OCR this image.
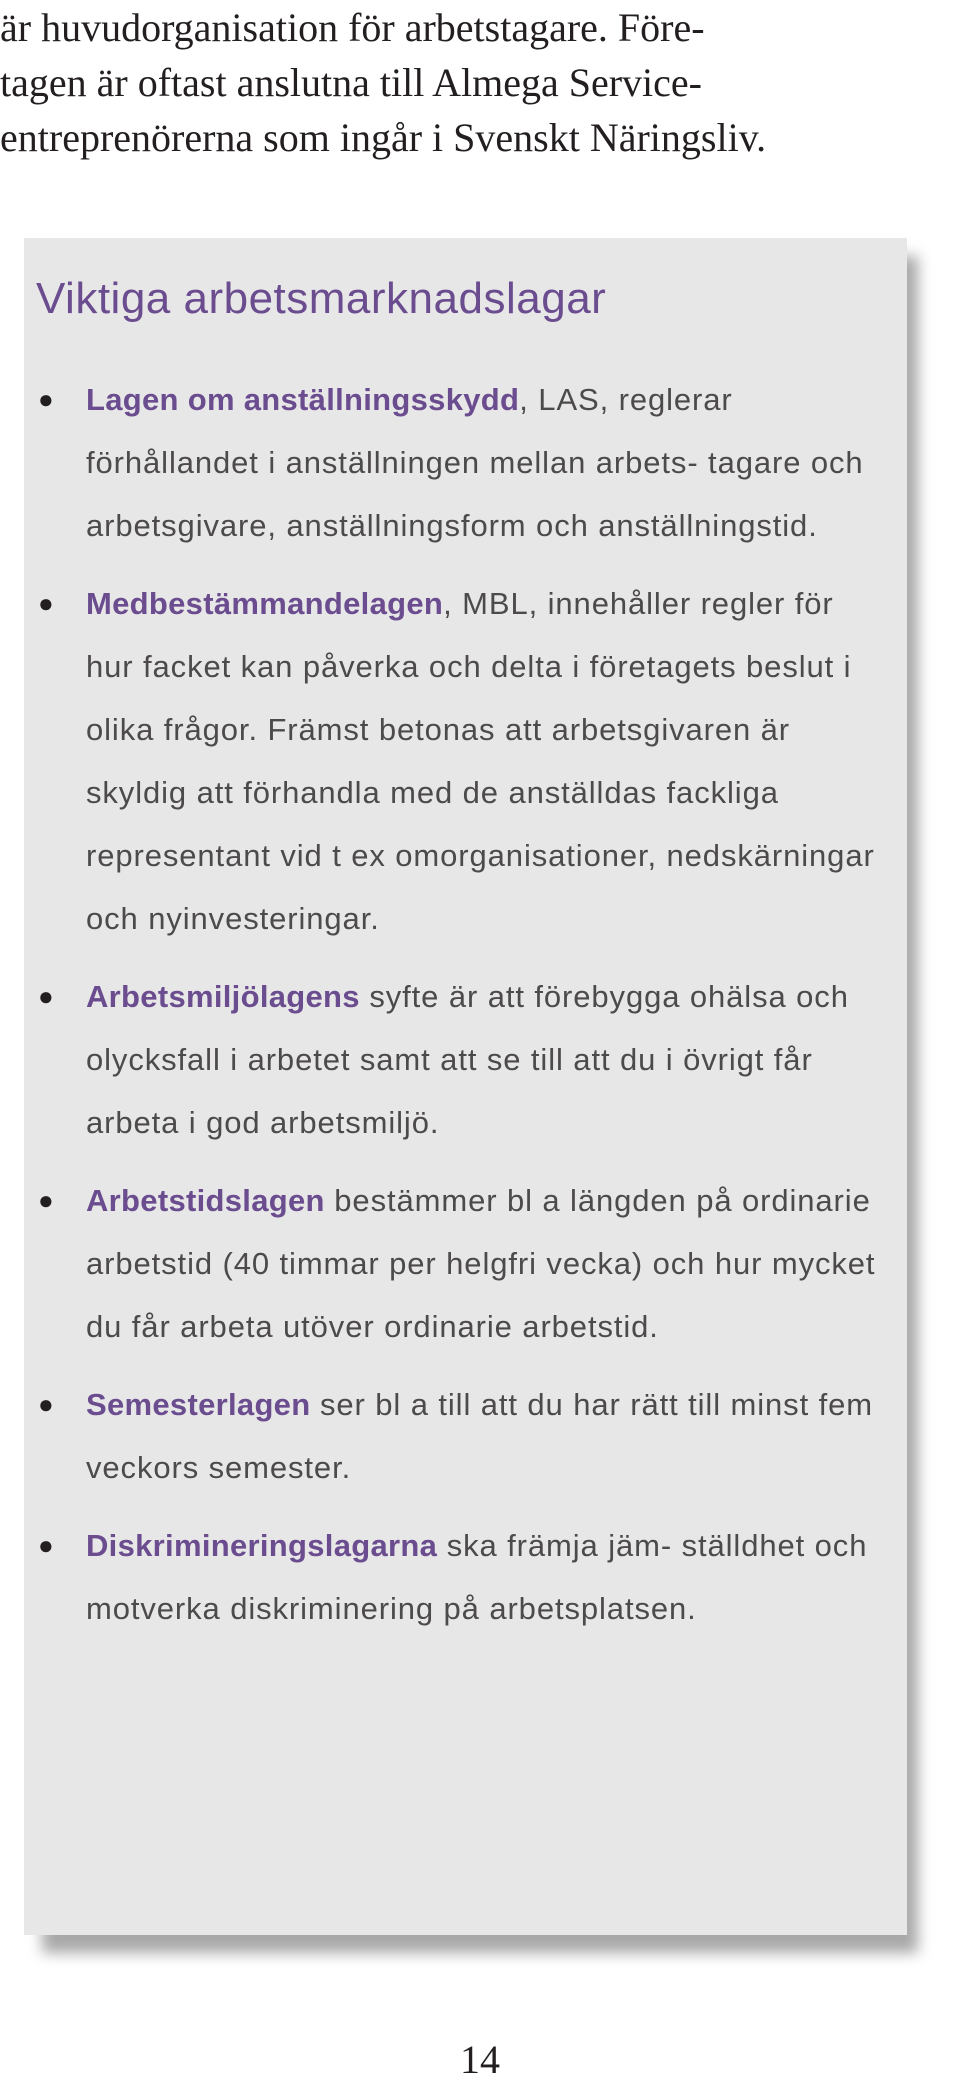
är huvudorganisation för arbetstagare. Före-

tagen är oftast anslutna till Almega Service-

entreprenörerna som ingår i Svenskt Näringsliv.

Viktiga arbetsmarknadslagar
● Lagen om anställningsskydd, LAS, reglerar förhållandet i anställningen mellan arbets- tagare och arbetsgivare, anställningsform och anställningstid.
● Medbestämmandelagen, MBL, innehåller regler för hur facket kan påverka och delta i företagets beslut i olika frågor. Främst betonas att arbetsgivaren är skyldig att förhandla med de anställdas fackliga representant vid t ex omorganisationer, nedskärningar och nyinvesteringar.
● Arbetsmiljölagens syfte är att förebygga ohälsa och olycksfall i arbetet samt att se till att du i övrigt får arbeta i god arbetsmiljö.
● Arbetstidslagen bestämmer bl a längden på ordinarie arbetstid (40 timmar per helgfri vecka) och hur mycket du får arbeta utöver ordinarie arbetstid.
● Semesterlagen ser bl a till att du har rätt till minst fem veckors semester.
● Diskrimineringslagarna ska främja jäm- ställdhet och motverka diskriminering på arbetsplatsen.
14
